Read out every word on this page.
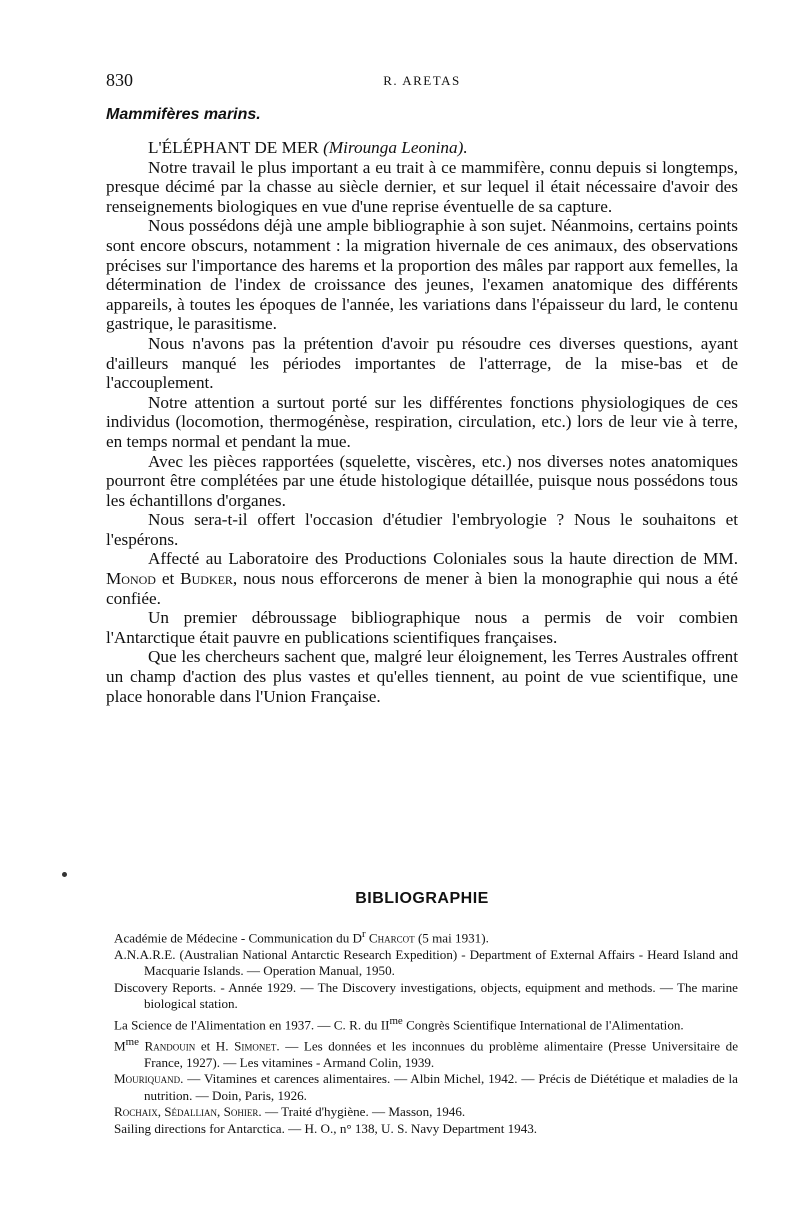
830	R. ARETAS
Mammifères marins.

L'ÉLÉPHANT DE MER (Mirounga Leonina).

Notre travail le plus important a eu trait à ce mammifère, connu depuis si longtemps, presque décimé par la chasse au siècle dernier, et sur lequel il était nécessaire d'avoir des renseignements biologiques en vue d'une reprise éventuelle de sa capture.

Nous possédons déjà une ample bibliographie à son sujet. Néanmoins, certains points sont encore obscurs, notamment : la migration hivernale de ces animaux, des observations précises sur l'importance des harems et la proportion des mâles par rapport aux femelles, la détermination de l'index de croissance des jeunes, l'examen anatomique des différents appareils, à toutes les époques de l'année, les variations dans l'épaisseur du lard, le contenu gastrique, le parasitisme.

Nous n'avons pas la prétention d'avoir pu résoudre ces diverses questions, ayant d'ailleurs manqué les périodes importantes de l'atterrage, de la mise-bas et de l'accouplement.

Notre attention a surtout porté sur les différentes fonctions physiologiques de ces individus (locomotion, thermogénèse, respiration, circulation, etc.) lors de leur vie à terre, en temps normal et pendant la mue.

Avec les pièces rapportées (squelette, viscères, etc.) nos diverses notes anatomiques pourront être complétées par une étude histologique détaillée, puisque nous possédons tous les échantillons d'organes.

Nous sera-t-il offert l'occasion d'étudier l'embryologie ? Nous le souhaitons et l'espérons.

Affecté au Laboratoire des Productions Coloniales sous la haute direction de MM. Monod et Budker, nous nous efforcerons de mener à bien la monographie qui nous a été confiée.

Un premier débroussage bibliographique nous a permis de voir combien l'Antarctique était pauvre en publications scientifiques françaises.

Que les chercheurs sachent que, malgré leur éloignement, les Terres Australes offrent un champ d'action des plus vastes et qu'elles tiennent, au point de vue scientifique, une place honorable dans l'Union Française.

BIBLIOGRAPHIE
Académie de Médecine - Communication du $D^r$ Charcot (5 mai 1931).
A.N.A.R.E. (Australian National Antarctic Research Expedition) - Department of External Affairs - Heard Island and Macquarie Islands. — Operation Manual, 1950.
Discovery Reports. - Année 1929. — The Discovery investigations, objects, equipment and methods. — The marine biological station.
La Science de l'Alimentation en 1937. — C. R. du $II^{me}$ Congrès Scientifique International de l'Alimentation.
$M^{me}$ Randouin et H. Simonet. — Les données et les inconnues du problème alimentaire (Presse Universitaire de France, 1927). — Les vitamines - Armand Colin, 1939.
Mouriquand. — Vitamines et carences alimentaires. — Albin Michel, 1942. — Précis de Diététique et maladies de la nutrition. — Doin, Paris, 1926.
Rochaix, Sédallian, Sohier. — Traité d'hygiène. — Masson, 1946.
Sailing directions for Antarctica. — H. O., n° 138, U. S. Navy Department 1943.
